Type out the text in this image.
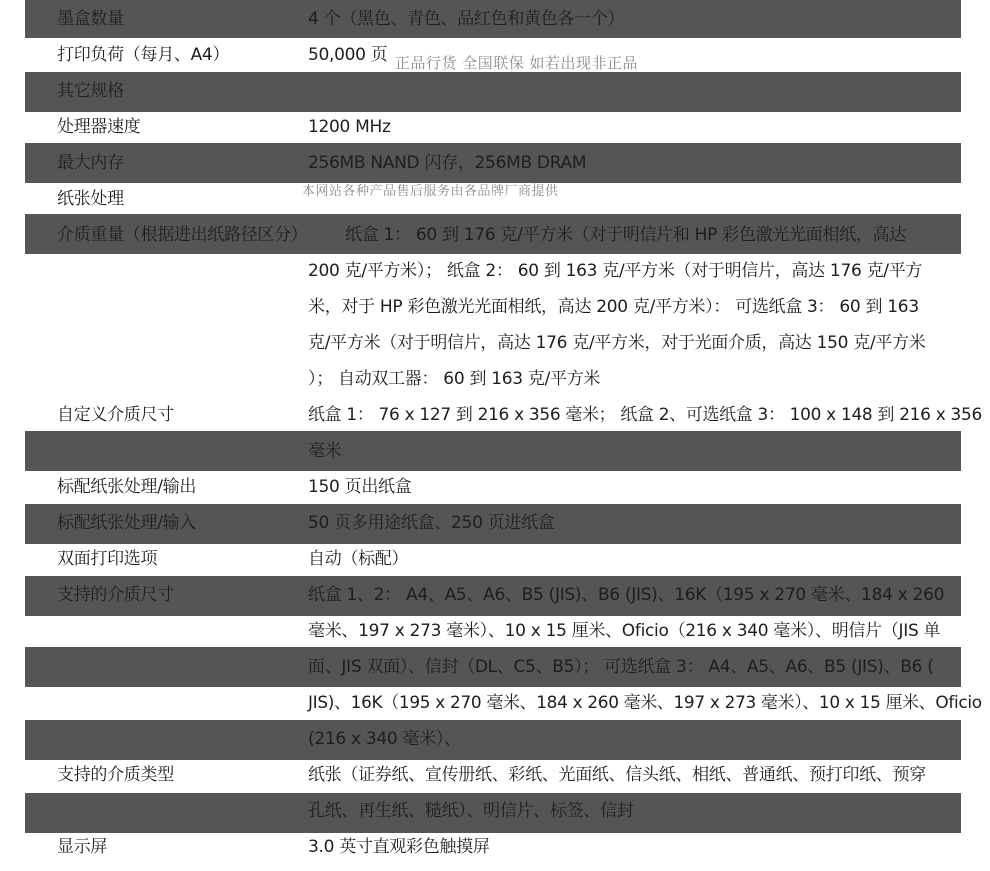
正品行货 全国联保 如若出现非正品
本网站各种产品售后服务由各品牌厂商提供
墨盒数量	4 个（黑色、青色、品红色和黄色各一个）
打印负荷（每月、A4）	50,000 页
其它规格
处理器速度	1200 MHz
最大内存	256MB NAND 闪存，256MB DRAM
纸张处理
介质重量（根据进出纸路径区分） 纸盒 1： 60 到 176 克/平方米（对于明信片和 HP 彩色激光光面相纸，高达
200 克/平方米）； 纸盒 2： 60 到 163 克/平方米（对于明信片，高达 176 克/平方
米，对于 HP 彩色激光光面相纸，高达 200 克/平方米）： 可选纸盒 3： 60 到 163
克/平方米（对于明信片，高达 176 克/平方米，对于光面介质，高达 150 克/平方米
）； 自动双工器： 60 到 163 克/平方米
自定义介质尺寸	纸盒 1： 76 x 127 到 216 x 356 毫米； 纸盒 2、可选纸盒 3： 100 x 148 到 216 x 356
毫米
标配纸张处理/输出	150 页出纸盒
标配纸张处理/输入	50 页多用途纸盒、250 页进纸盒
双面打印选项	自动（标配）
支持的介质尺寸	纸盒 1、2： A4、A5、A6、B5 (JIS)、B6 (JIS)、16K（195 x 270 毫米、184 x 260
毫米、197 x 273 毫米）、10 x 15 厘米、Oficio（216 x 340 毫米）、明信片（JIS 单
面、JIS 双面）、信封（DL、C5、B5）； 可选纸盒 3： A4、A5、A6、B5 (JIS)、B6 (
JIS)、16K（195 x 270 毫米、184 x 260 毫米、197 x 273 毫米）、10 x 15 厘米、Oficio
(216 x 340 毫米）、
支持的介质类型	纸张（证券纸、宣传册纸、彩纸、光面纸、信头纸、相纸、普通纸、预打印纸、预穿
孔纸、再生纸、糙纸）、明信片、标签、信封
显示屏	3.0 英寸直观彩色触摸屏
